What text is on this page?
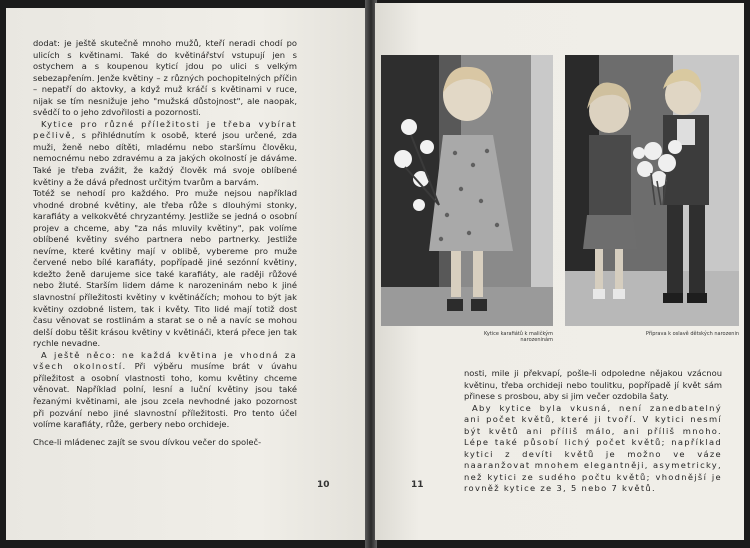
dodat: je ještě skutečně mnoho mužů, kteří neradi chodí po ulicích s květinami. Také do květinářství vstupují jen s ostychem a s koupenou kyticí jdou po ulici s velkým sebezapřením. Jenže květiny – z různých pochopitelných příčin – nepatří do aktovky, a když muž kráčí s květinami v ruce, nijak se tím nesnižuje jeho "mužská důstojnost", ale naopak, svědčí to o jeho zdvořilosti a pozornosti.

Kytice pro různé příležitosti je třeba vybírat pečlivě, s přihlédnutím k osobě, které jsou určené, zda muži, ženě nebo dítěti, mladému nebo staršímu člověku, nemocnému nebo zdravému a za jakých okolností je dáváme. Také je třeba zvážit, že každý člověk má svoje oblíbené květiny a že dává přednost určitým tvarům a barvám.

Totéž se nehodí pro každého. Pro muže nejsou například vhodné drobné květiny, ale třeba růže s dlouhými stonky, karafiáty a velkokvěté chryzantémy. Jestliže se jedná o osobní projev a chceme, aby "za nás mluvily květiny", pak volíme oblíbené květiny svého partnera nebo partnerky. Jestliže nevíme, které květiny mají v oblibě, vybereme pro muže červené nebo bílé karafiáty, popřípadě jiné sezónní květiny, kdežto ženě darujeme sice také karafiáty, ale raději růžové nebo žluté. Starším lidem dáme k narozeninám nebo k jiné slavnostní příležitosti květiny v květináčích; mohou to být jak květiny ozdobné listem, tak i květy. Tito lidé mají totiž dost času věnovat se rostlinám a starat se o ně a navíc se mohou delší dobu těšit krásou květiny v květináči, která přece jen tak rychle nevadne.

A ještě něco: ne každá květina je vhodná za všech okolností. Při výběru musíme brát v úvahu příležitost a osobní vlastnosti toho, komu květiny chceme věnovat. Například polní, lesní a luční květiny jsou také řezanými květinami, ale jsou zcela nevhodné jako pozornost při pozvání nebo jiné slavnostní příležitosti. Pro tento účel volíme karafiáty, růže, gerbery nebo orchideje.

Chce-li mládenec zajít se svou dívkou večer do společ-

10
Kytice karafiátů k maličkým narozeninám
Příprava k oslavě dětských narozenin

nosti, mile ji překvapí, pošle-li odpoledne nějakou vzácnou květinu, třeba orchideji nebo toulitku, popřípadě jí květ sám přinese s prosbou, aby si jim večer ozdobila šaty.

Aby kytice byla vkusná, není zanedbatelný ani počet květů, které ji tvoří. V kytici nesmí být květů ani příliš málo, ani příliš mnoho. Lépe také působí lichý počet květů; například kytici z devíti květů je možno ve váze naaranžovat mnohem elegantněji, asymetricky, než kytici ze sudého počtu květů; vhodnější je rovněž kytice ze 3, 5 nebo 7 květů.

11
